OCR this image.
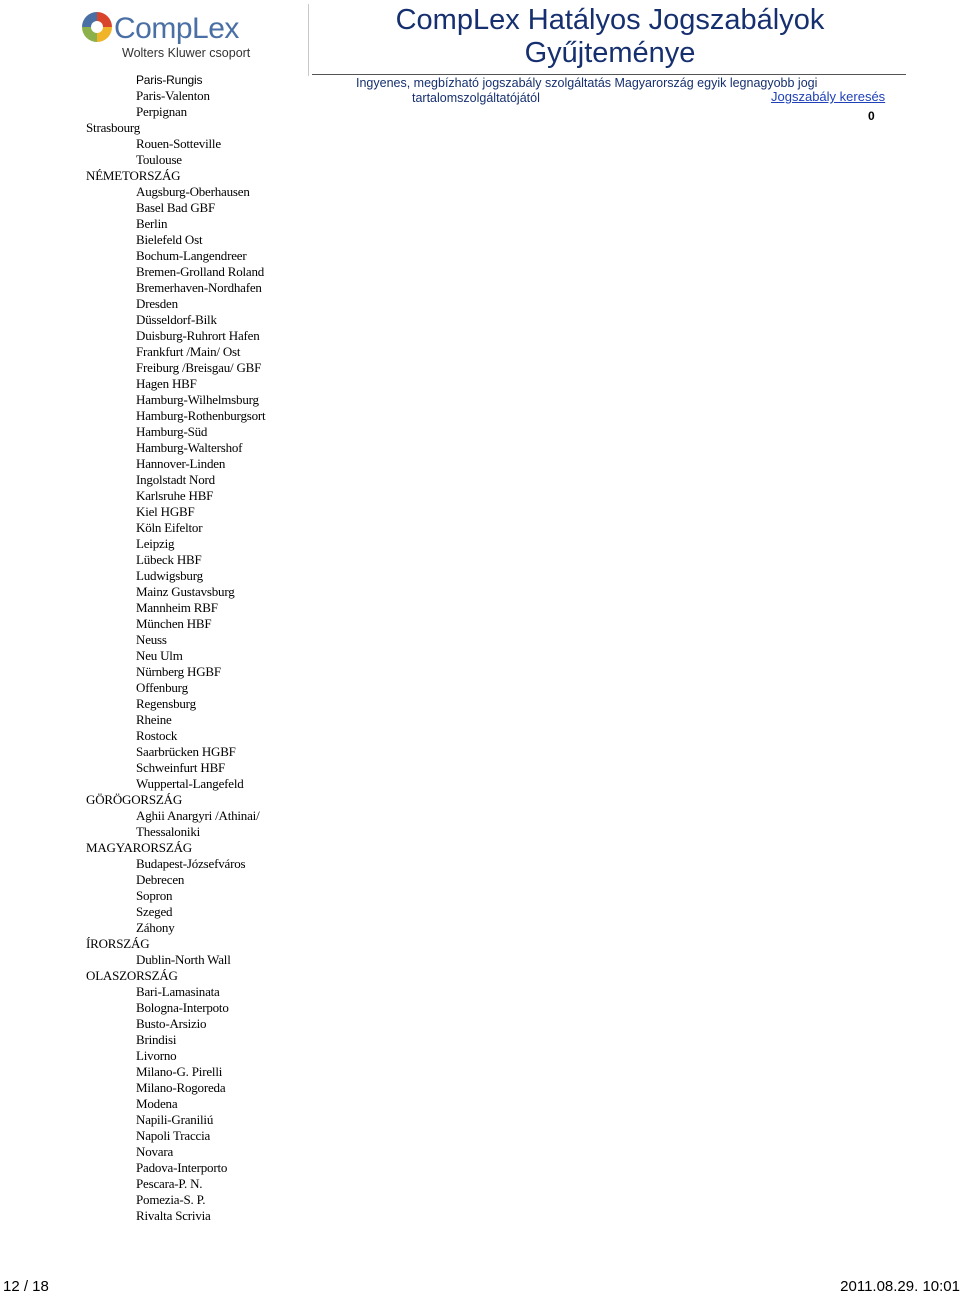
CompLex
Wolters Kluwer csoport
CompLex Hatályos Jogszabályok
Gyűjteménye
Ingyenes, megbízható jogszabály szolgáltatás Magyarország egyik legnagyobb jogi
tartalomszolgáltatójától	Jogszabály keresés
0
Paris-Rungis
Paris-Valenton
Perpignan
Strasbourg
Rouen-Sotteville
Toulouse
NÉMETORSZÁG
Augsburg-Oberhausen
Basel Bad GBF
Berlin
Bielefeld Ost
Bochum-Langendreer
Bremen-Grolland Roland
Bremerhaven-Nordhafen
Dresden
Düsseldorf-Bilk
Duisburg-Ruhrort Hafen
Frankfurt /Main/ Ost
Freiburg /Breisgau/ GBF
Hagen HBF
Hamburg-Wilhelmsburg
Hamburg-Rothenburgsort
Hamburg-Süd
Hamburg-Waltershof
Hannover-Linden
Ingolstadt Nord
Karlsruhe HBF
Kiel HGBF
Köln Eifeltor
Leipzig
Lübeck HBF
Ludwigsburg
Mainz Gustavsburg
Mannheim RBF
München HBF
Neuss
Neu Ulm
Nürnberg HGBF
Offenburg
Regensburg
Rheine
Rostock
Saarbrücken HGBF
Schweinfurt HBF
Wuppertal-Langefeld
GÖRÖGORSZÁG
Aghii Anargyri /Athinai/
Thessaloniki
MAGYARORSZÁG
Budapest-Józsefváros
Debrecen
Sopron
Szeged
Záhony
ÍRORSZÁG
Dublin-North Wall
OLASZORSZÁG
Bari-Lamasinata
Bologna-Interpoto
Busto-Arsizio
Brindisi
Livorno
Milano-G. Pirelli
Milano-Rogoreda
Modena
Napili-Graniliú
Napoli Traccia
Novara
Padova-Interporto
Pescara-P. N.
Pomezia-S. P.
Rivalta Scrivia
12 / 18	2011.08.29. 10:01
